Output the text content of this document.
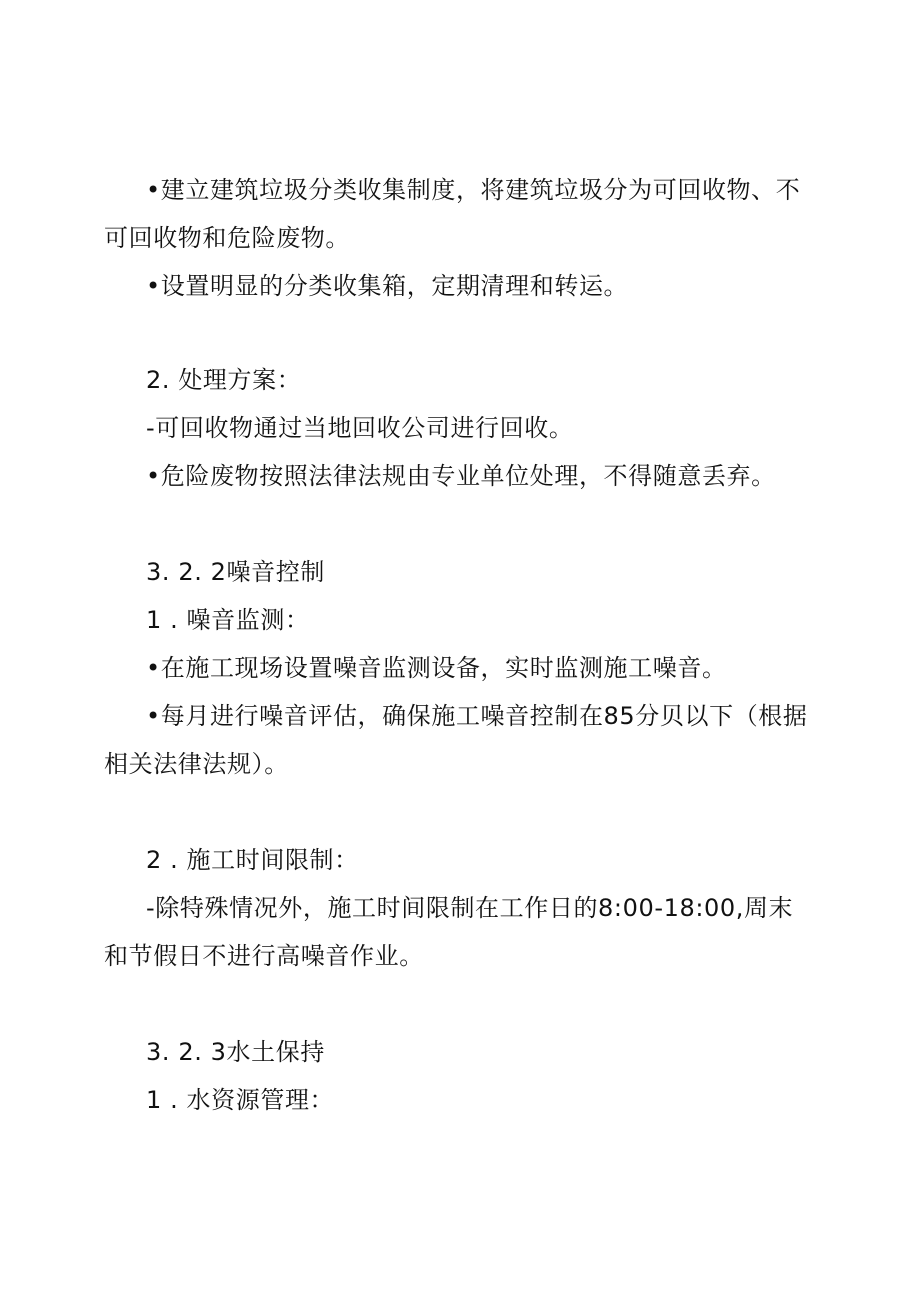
•建立建筑垃圾分类收集制度，将建筑垃圾分为可回收物、不可回收物和危险废物。
•设置明显的分类收集箱，定期清理和转运。
2. 处理方案：
-可回收物通过当地回收公司进行回收。
•危险废物按照法律法规由专业单位处理，不得随意丢弃。
3. 2. 2噪音控制
1 . 噪音监测：
•在施工现场设置噪音监测设备，实时监测施工噪音。
•每月进行噪音评估，确保施工噪音控制在85分贝以下（根据相关法律法规）。
2 . 施工时间限制：
-除特殊情况外，施工时间限制在工作日的8:00-18:00,周末和节假日不进行高噪音作业。
3. 2. 3水土保持
1 . 水资源管理：
